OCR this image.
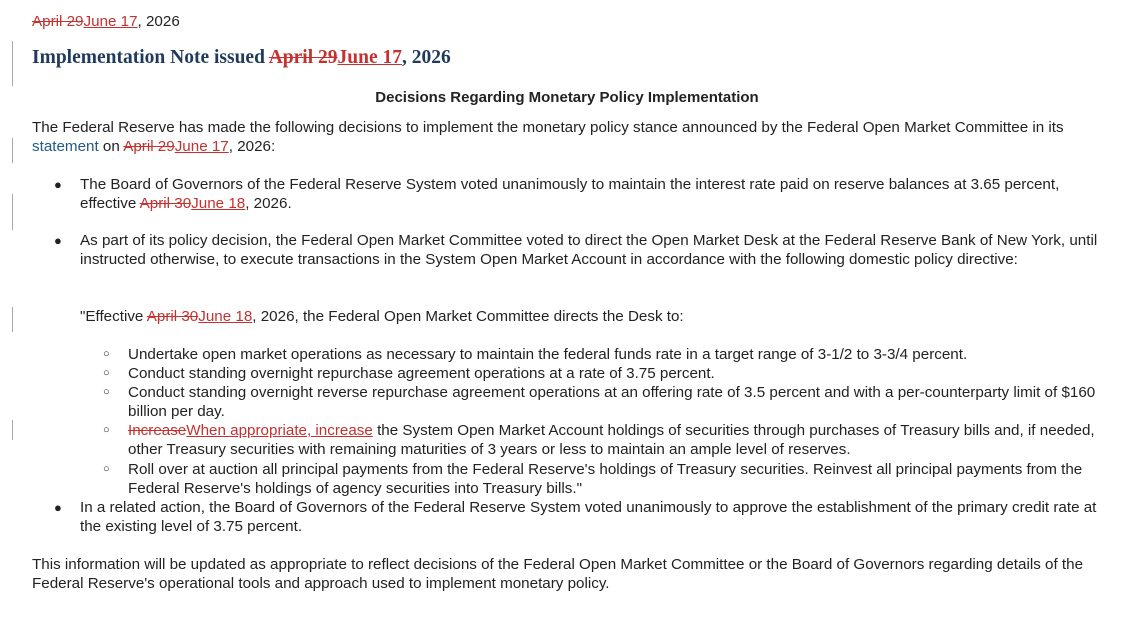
April 29June 17, 2026
Implementation Note issued April 29June 17, 2026
Decisions Regarding Monetary Policy Implementation

The Federal Reserve has made the following decisions to implement the monetary policy stance announced by the Federal Open Market Committee in its statement on April 29June 17, 2026:

● The Board of Governors of the Federal Reserve System voted unanimously to maintain the interest rate paid on reserve balances at 3.65 percent, effective April 30June 18, 2026.

● As part of its policy decision, the Federal Open Market Committee voted to direct the Open Market Desk at the Federal Reserve Bank of New York, until instructed otherwise, to execute transactions in the System Open Market Account in accordance with the following domestic policy directive:

"Effective April 30June 18, 2026, the Federal Open Market Committee directs the Desk to:

○ Undertake open market operations as necessary to maintain the federal funds rate in a target range of 3-1/2 to 3-3/4 percent.

○ Conduct standing overnight repurchase agreement operations at a rate of 3.75 percent.

○ Conduct standing overnight reverse repurchase agreement operations at an offering rate of 3.5 percent and with a per-counterparty limit of $160 billion per day.

○ IncreaseWhen appropriate, increase the System Open Market Account holdings of securities through purchases of Treasury bills and, if needed, other Treasury securities with remaining maturities of 3 years or less to maintain an ample level of reserves.

○ Roll over at auction all principal payments from the Federal Reserve's holdings of Treasury securities. Reinvest all principal payments from the Federal Reserve's holdings of agency securities into Treasury bills."

● In a related action, the Board of Governors of the Federal Reserve System voted unanimously to approve the establishment of the primary credit rate at the existing level of 3.75 percent.

This information will be updated as appropriate to reflect decisions of the Federal Open Market Committee or the Board of Governors regarding details of the Federal Reserve's operational tools and approach used to implement monetary policy.
